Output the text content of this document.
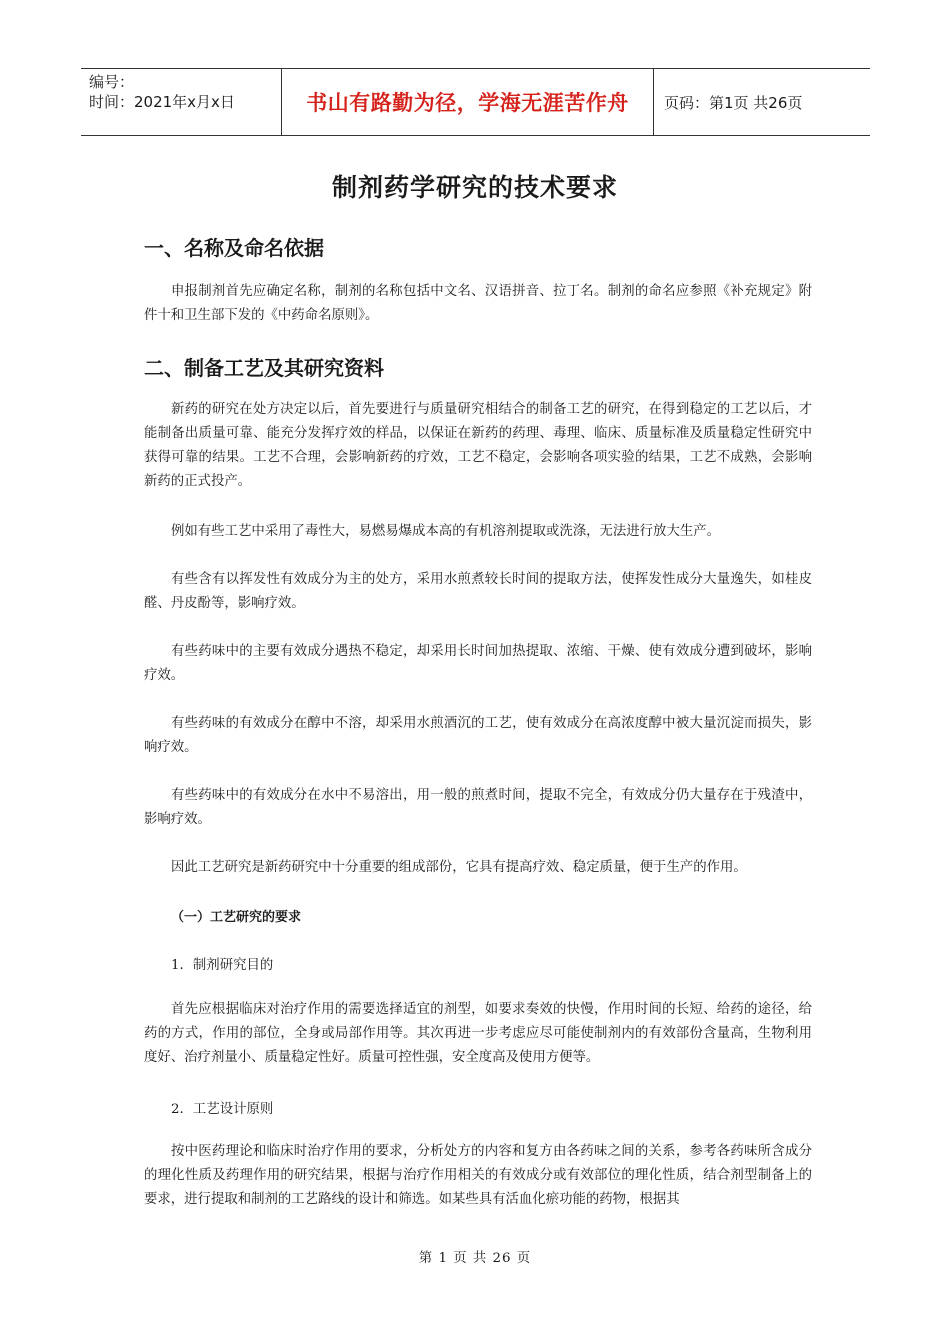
编号：
时间：2021年x月x日	书山有路勤为径，学海无涯苦作舟	页码：第1页 共26页
制剂药学研究的技术要求
一、名称及命名依据

申报制剂首先应确定名称，制剂的名称包括中文名、汉语拼音、拉丁名。制剂的命名应参照《补充规定》附件十和卫生部下发的《中药命名原则》。

二、制备工艺及其研究资料

新药的研究在处方决定以后，首先要进行与质量研究相结合的制备工艺的研究，在得到稳定的工艺以后，才能制备出质量可靠、能充分发挥疗效的样品，以保证在新药的药理、毒理、临床、质量标准及质量稳定性研究中获得可靠的结果。工艺不合理，会影响新药的疗效，工艺不稳定，会影响各项实验的结果，工艺不成熟，会影响新药的正式投产。

例如有些工艺中采用了毒性大，易燃易爆成本高的有机溶剂提取或洗涤，无法进行放大生产。

有些含有以挥发性有效成分为主的处方，采用水煎煮较长时间的提取方法，使挥发性成分大量逸失，如桂皮醛、丹皮酚等，影响疗效。

有些药味中的主要有效成分遇热不稳定，却采用长时间加热提取、浓缩、干燥、使有效成分遭到破坏，影响疗效。

有些药味的有效成分在醇中不溶，却采用水煎酒沉的工艺，使有效成分在高浓度醇中被大量沉淀而损失，影响疗效。

有些药味中的有效成分在水中不易溶出，用一般的煎煮时间，提取不完全，有效成分仍大量存在于残渣中，影响疗效。

因此工艺研究是新药研究中十分重要的组成部份，它具有提高疗效、稳定质量，便于生产的作用。

（一）工艺研究的要求
1．制剂研究目的

首先应根据临床对治疗作用的需要选择适宜的剂型，如要求奏效的快慢，作用时间的长短、给药的途径，给药的方式，作用的部位，全身或局部作用等。其次再进一步考虑应尽可能使制剂内的有效部份含量高，生物利用度好、治疗剂量小、质量稳定性好。质量可控性强，安全度高及使用方便等。

2．工艺设计原则

按中医药理论和临床时治疗作用的要求，分析处方的内容和复方由各药味之间的关系，参考各药味所含成分的理化性质及药理作用的研究结果，根据与治疗作用相关的有效成分或有效部位的理化性质，结合剂型制备上的要求，进行提取和制剂的工艺路线的设计和筛选。如某些具有活血化瘀功能的药物，根据其

第 1 页 共 26 页
